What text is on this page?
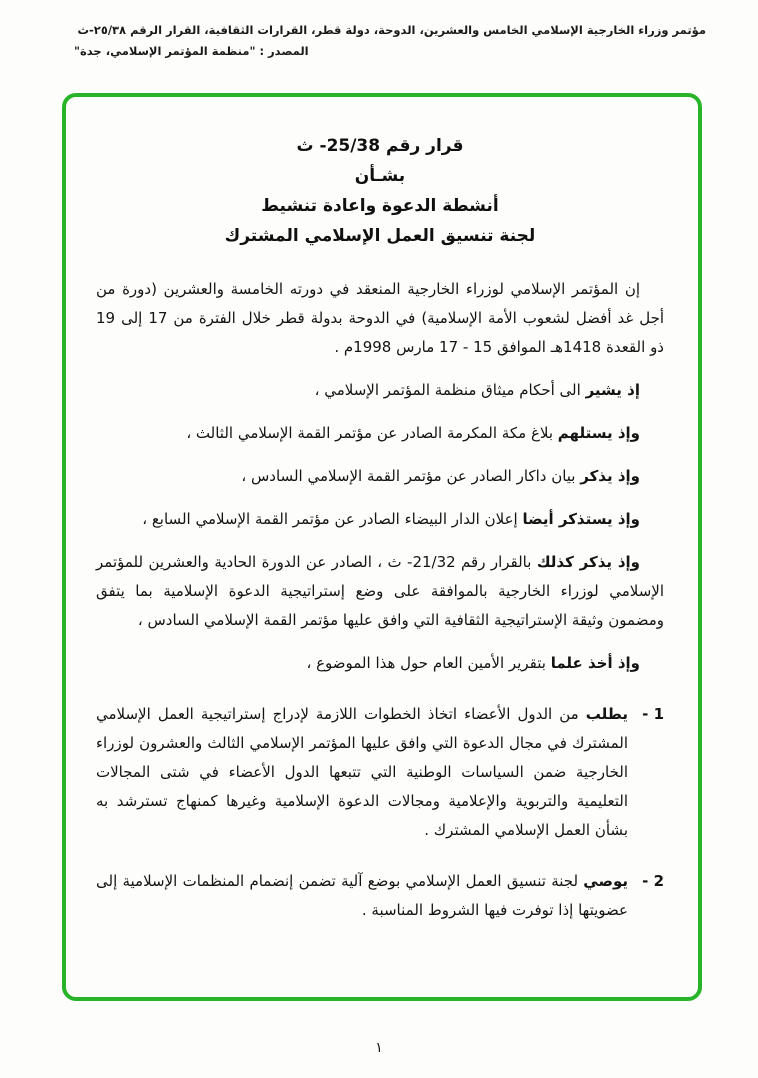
مؤتمر وزراء الخارجية الإسلامي الخامس والعشرين، الدوحة، دولة قطر، القرارات الثقافية، القرار الرقم ٢٥/٣٨-ث
المصدر : "منظمة المؤتمر الإسلامي، جدة"
قرار رقم 25/38- ث
بشـأن
أنشطة الدعوة واعادة تنشيط
لجنة تنسيق العمل الإسلامي المشترك

إن المؤتمر الإسلامي لوزراء الخارجية المنعقد في دورته الخامسة والعشرين (دورة من أجل غد أفضل لشعوب الأمة الإسلامية) في الدوحة بدولة قطر خلال الفترة من 17 إلى 19 ذو القعدة 1418هـ الموافق 15 - 17 مارس 1998م .

إذ يشير الى أحكام ميثاق منظمة المؤتمر الإسلامي ،

وإذ يستلهم بلاغ مكة المكرمة الصادر عن مؤتمر القمة الإسلامي الثالث ،

وإذ يذكر بيان داكار الصادر عن مؤتمر القمة الإسلامي السادس ،

وإذ يستذكر أيضا إعلان الدار البيضاء الصادر عن مؤتمر القمة الإسلامي السابع ،

وإذ يذكر كذلك بالقرار رقم 21/32- ث ، الصادر عن الدورة الحادية والعشرين للمؤتمر الإسلامي لوزراء الخارجية بالموافقة على وضع إستراتيجية الدعوة الإسلامية بما يتفق ومضمون وثيقة الإستراتيجية الثقافية التي وافق عليها مؤتمر القمة الإسلامي السادس ،

وإذ أخذ علما بتقرير الأمين العام حول هذا الموضوع ،

1 -

يطلب من الدول الأعضاء اتخاذ الخطوات اللازمة لإدراج إستراتيجية العمل الإسلامي المشترك في مجال الدعوة التي وافق عليها المؤتمر الإسلامي الثالث والعشرون لوزراء الخارجية ضمن السياسات الوطنية التي تتبعها الدول الأعضاء في شتى المجالات التعليمية والتربوية والإعلامية ومجالات الدعوة الإسلامية وغيرها كمنهاج تسترشد به بشأن العمل الإسلامي المشترك .

2 -

يوصي لجنة تنسيق العمل الإسلامي بوضع آلية تضمن إنضمام المنظمات الإسلامية إلى عضويتها إذا توفرت فيها الشروط المناسبة .

١
